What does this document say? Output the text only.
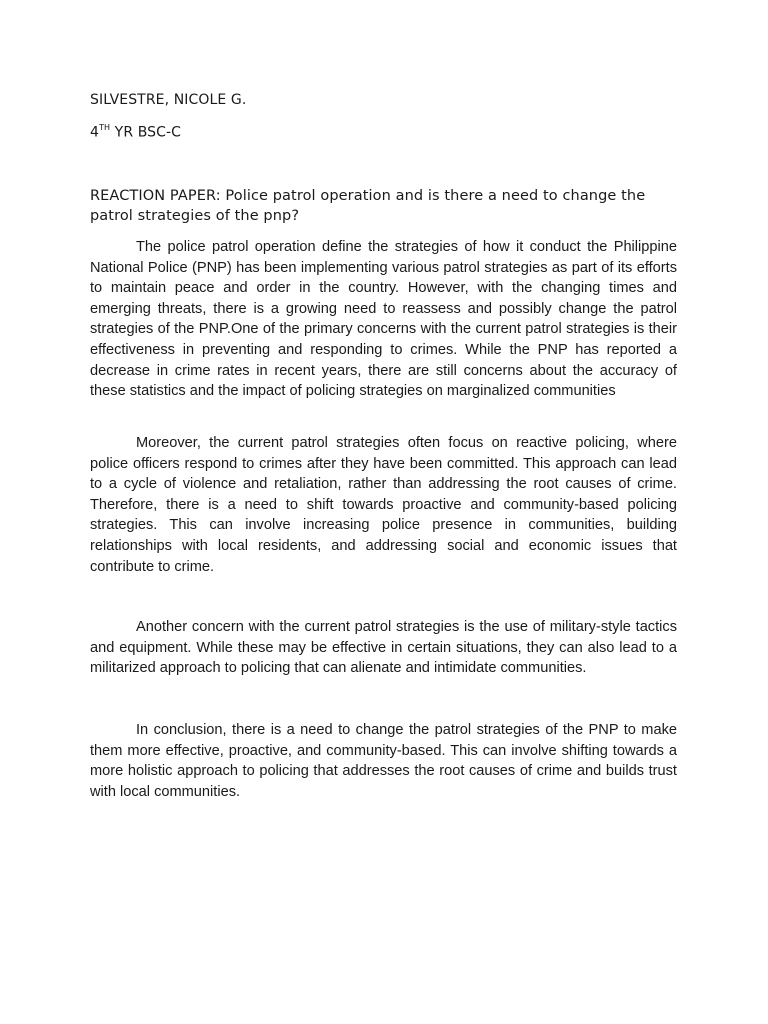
SILVESTRE, NICOLE G.
4TH YR BSC-C
REACTION PAPER: Police patrol operation and is there a need to change the patrol strategies of the pnp?

The police patrol operation define the strategies of how it conduct the Philippine National Police (PNP) has been implementing various patrol strategies as part of its efforts to maintain peace and order in the country. However, with the changing times and emerging threats, there is a growing need to reassess and possibly change the patrol strategies of the PNP.One of the primary concerns with the current patrol strategies is their effectiveness in preventing and responding to crimes. While the PNP has reported a decrease in crime rates in recent years, there are still concerns about the accuracy of these statistics and the impact of policing strategies on marginalized communities

Moreover, the current patrol strategies often focus on reactive policing, where police officers respond to crimes after they have been committed. This approach can lead to a cycle of violence and retaliation, rather than addressing the root causes of crime. Therefore, there is a need to shift towards proactive and community-based policing strategies. This can involve increasing police presence in communities, building relationships with local residents, and addressing social and economic issues that contribute to crime.

Another concern with the current patrol strategies is the use of military-style tactics and equipment. While these may be effective in certain situations, they can also lead to a militarized approach to policing that can alienate and intimidate communities.

In conclusion, there is a need to change the patrol strategies of the PNP to make them more effective, proactive, and community-based. This can involve shifting towards a more holistic approach to policing that addresses the root causes of crime and builds trust with local communities.
